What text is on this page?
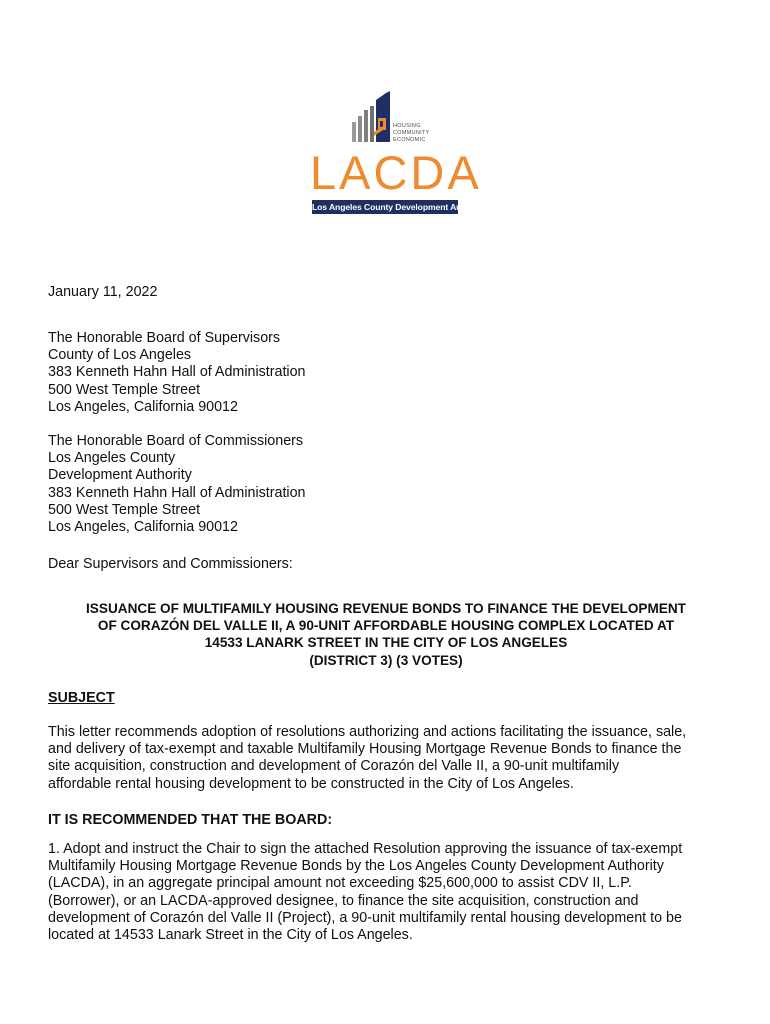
HOUSING
COMMUNITY
ECONOMIC

LACDA

Los Angeles County Development Authority

January 11, 2022

The Honorable Board of Supervisors

County of Los Angeles

383 Kenneth Hahn Hall of Administration

500 West Temple Street

Los Angeles, California 90012

The Honorable Board of Commissioners

Los Angeles County

Development Authority

383 Kenneth Hahn Hall of Administration

500 West Temple Street

Los Angeles, California 90012

Dear Supervisors and Commissioners:

ISSUANCE OF MULTIFAMILY HOUSING REVENUE BONDS TO FINANCE THE DEVELOPMENT

OF CORAZÓN DEL VALLE II, A 90-UNIT AFFORDABLE HOUSING COMPLEX LOCATED AT

14533 LANARK STREET IN THE CITY OF LOS ANGELES

(DISTRICT 3) (3 VOTES)

SUBJECT

This letter recommends adoption of resolutions authorizing and actions facilitating the issuance, sale,

and delivery of tax-exempt and taxable Multifamily Housing Mortgage Revenue Bonds to finance the

site acquisition, construction and development of Corazón del Valle II, a 90-unit multifamily

affordable rental housing development to be constructed in the City of Los Angeles.

IT IS RECOMMENDED THAT THE BOARD:

1. Adopt and instruct the Chair to sign the attached Resolution approving the issuance of tax-exempt

Multifamily Housing Mortgage Revenue Bonds by the Los Angeles County Development Authority

(LACDA), in an aggregate principal amount not exceeding $25,600,000 to assist CDV II, L.P.

(Borrower), or an LACDA-approved designee, to finance the site acquisition, construction and

development of Corazón del Valle II (Project), a 90-unit multifamily rental housing development to be

located at 14533 Lanark Street in the City of Los Angeles.
